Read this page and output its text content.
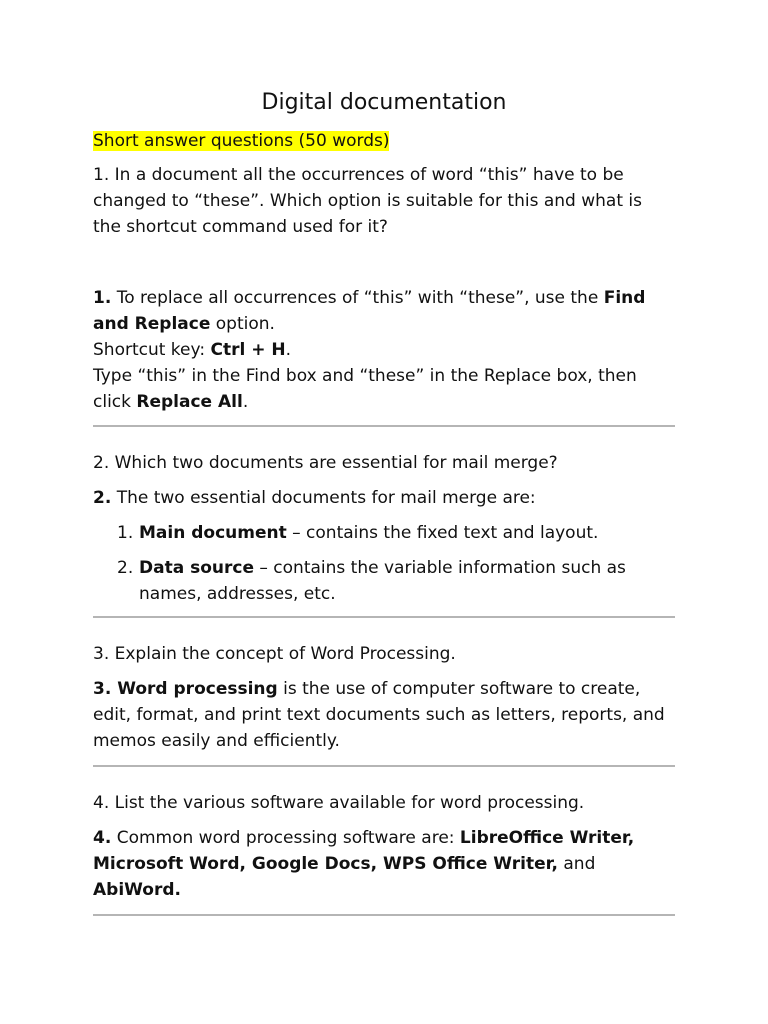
Digital documentation
Short answer questions (50 words)

1. In a document all the occurrences of word “this” have to be changed to “these”. Which option is suitable for this and what is the shortcut command used for it?

1. To replace all occurrences of “this” with “these”, use the Find and Replace option.

Shortcut key: Ctrl + H.

Type “this” in the Find box and “these” in the Replace box, then click Replace All.

2. Which two documents are essential for mail merge?

2. The two essential documents for mail merge are:

1. Main document – contains the fixed text and layout.
2. Data source – contains the variable information such as names, addresses, etc.

3. Explain the concept of Word Processing.

3. Word processing is the use of computer software to create, edit, format, and print text documents such as letters, reports, and memos easily and efficiently.

4. List the various software available for word processing.

4. Common word processing software are: LibreOffice Writer, Microsoft Word, Google Docs, WPS Office Writer, and AbiWord.
